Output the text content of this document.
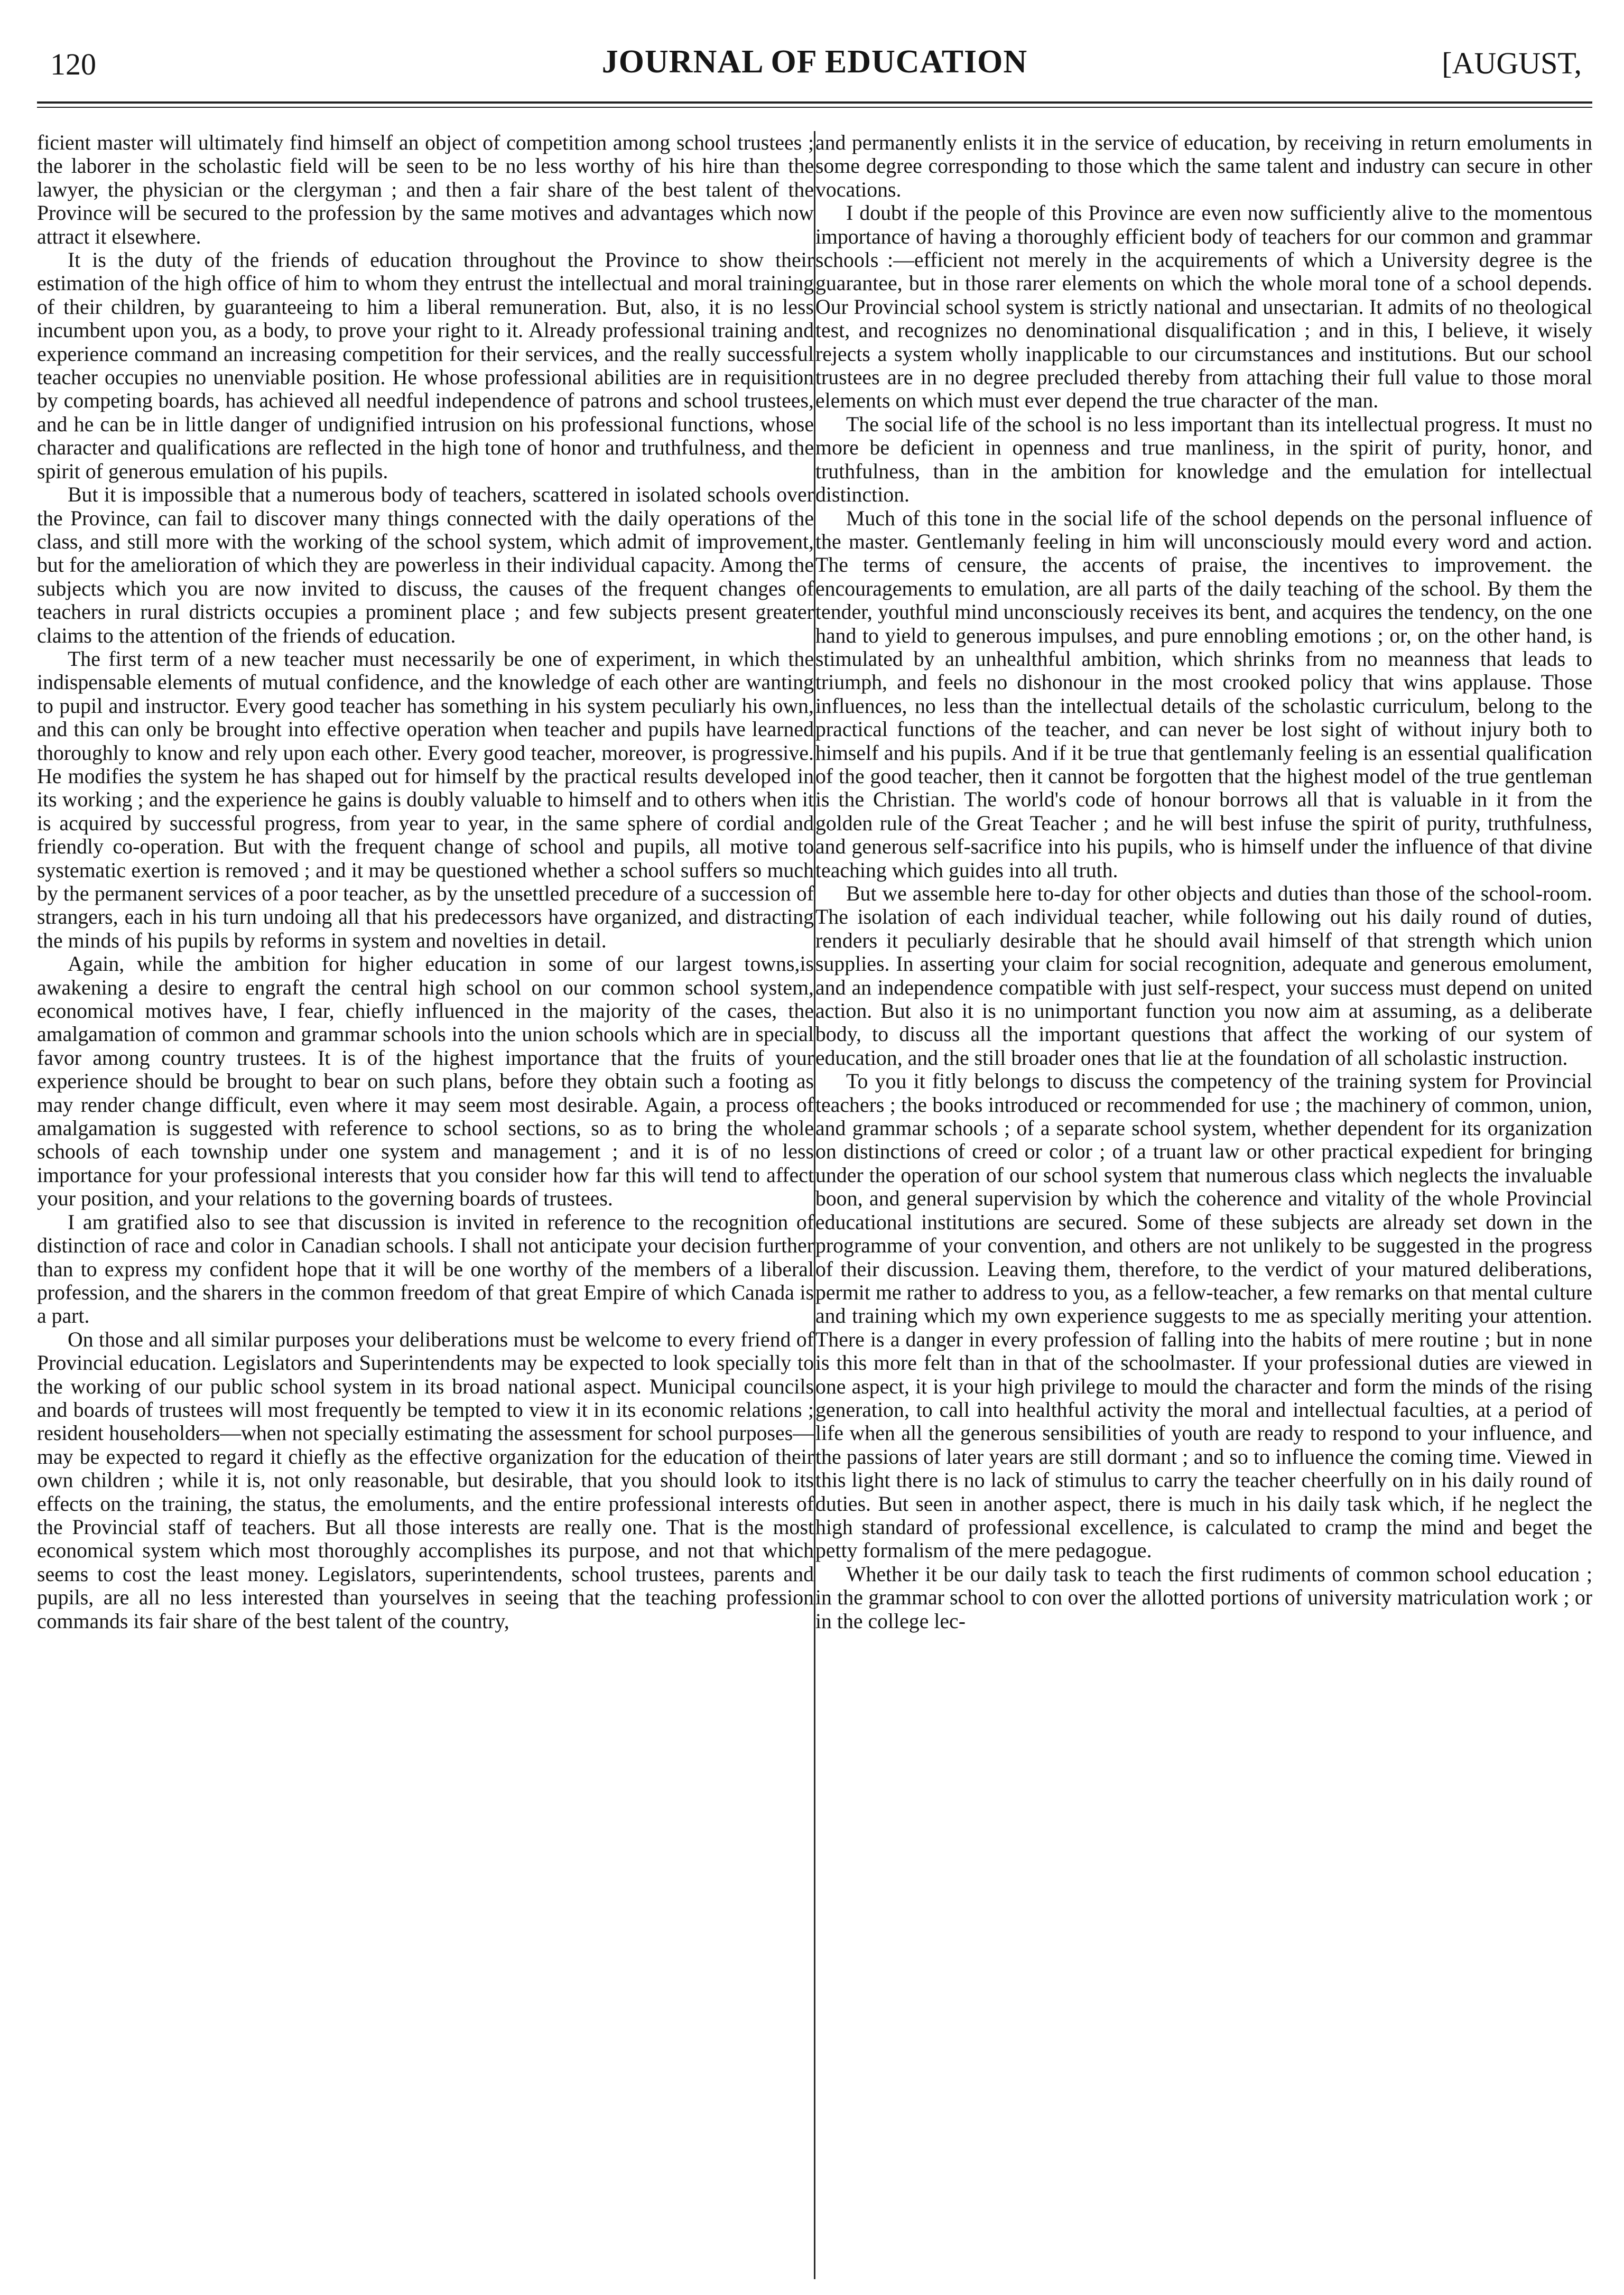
120	JOURNAL OF EDUCATION	[AUGUST,

ficient master will ultimately find himself an object of competition among school trustees ; the laborer in the scholastic field will be seen to be no less worthy of his hire than the lawyer, the physician or the clergyman ; and then a fair share of the best talent of the Province will be secured to the profession by the same motives and advantages which now attract it elsewhere.

It is the duty of the friends of education throughout the Province to show their estimation of the high office of him to whom they entrust the intellectual and moral training of their children, by guaranteeing to him a liberal remuneration. But, also, it is no less incumbent upon you, as a body, to prove your right to it. Already professional training and experience command an increasing competition for their services, and the really successful teacher occupies no unenviable position. He whose professional abilities are in requisition by competing boards, has achieved all needful independence of patrons and school trustees, and he can be in little danger of undignified intrusion on his professional functions, whose character and qualifications are reflected in the high tone of honor and truthfulness, and the spirit of generous emulation of his pupils.

But it is impossible that a numerous body of teachers, scattered in isolated schools over the Province, can fail to discover many things connected with the daily operations of the class, and still more with the working of the school system, which admit of improvement, but for the amelioration of which they are powerless in their individual capacity. Among the subjects which you are now invited to discuss, the causes of the frequent changes of teachers in rural districts occupies a prominent place ; and few subjects present greater claims to the attention of the friends of education.

The first term of a new teacher must necessarily be one of experiment, in which the indispensable elements of mutual confidence, and the knowledge of each other are wanting to pupil and instructor. Every good teacher has something in his system peculiarly his own, and this can only be brought into effective operation when teacher and pupils have learned thoroughly to know and rely upon each other. Every good teacher, moreover, is progressive. He modifies the system he has shaped out for himself by the practical results developed in its working ; and the experience he gains is doubly valuable to himself and to others when it is acquired by successful progress, from year to year, in the same sphere of cordial and friendly co-operation. But with the frequent change of school and pupils, all motive to systematic exertion is removed ; and it may be questioned whether a school suffers so much by the permanent services of a poor teacher, as by the unsettled precedure of a succession of strangers, each in his turn undoing all that his predecessors have organized, and distracting the minds of his pupils by reforms in system and novelties in detail.

Again, while the ambition for higher education in some of our largest towns,is awakening a desire to engraft the central high school on our common school system, economical motives have, I fear, chiefly influenced in the majority of the cases, the amalgamation of common and grammar schools into the union schools which are in special favor among country trustees. It is of the highest importance that the fruits of your experience should be brought to bear on such plans, before they obtain such a footing as may render change difficult, even where it may seem most desirable. Again, a process of amalgamation is suggested with reference to school sections, so as to bring the whole schools of each township under one system and management ; and it is of no less importance for your professional interests that you consider how far this will tend to affect your position, and your relations to the governing boards of trustees.

I am gratified also to see that discussion is invited in reference to the recognition of distinction of race and color in Canadian schools. I shall not anticipate your decision further than to express my confident hope that it will be one worthy of the members of a liberal profession, and the sharers in the common freedom of that great Empire of which Canada is a part.

On those and all similar purposes your deliberations must be welcome to every friend of Provincial education. Legislators and Superintendents may be expected to look specially to the working of our public school system in its broad national aspect. Municipal councils and boards of trustees will most frequently be tempted to view it in its economic relations ; resident householders—when not specially estimating the assessment for school purposes—may be expected to regard it chiefly as the effective organization for the education of their own children ; while it is, not only reasonable, but desirable, that you should look to its effects on the training, the status, the emoluments, and the entire professional interests of the Provincial staff of teachers. But all those interests are really one. That is the most economical system which most thoroughly accomplishes its purpose, and not that which seems to cost the least money. Legislators, superintendents, school trustees, parents and pupils, are all no less interested than yourselves in seeing that the teaching profession commands its fair share of the best talent of the country,

and permanently enlists it in the service of education, by receiving in return emoluments in some degree corresponding to those which the same talent and industry can secure in other vocations.

I doubt if the people of this Province are even now sufficiently alive to the momentous importance of having a thoroughly efficient body of teachers for our common and grammar schools :—efficient not merely in the acquirements of which a University degree is the guarantee, but in those rarer elements on which the whole moral tone of a school depends. Our Provincial school system is strictly national and unsectarian. It admits of no theological test, and recognizes no denominational disqualification ; and in this, I believe, it wisely rejects a system wholly inapplicable to our circumstances and institutions. But our school trustees are in no degree precluded thereby from attaching their full value to those moral elements on which must ever depend the true character of the man.

The social life of the school is no less important than its intellectual progress. It must no more be deficient in openness and true manliness, in the spirit of purity, honor, and truthfulness, than in the ambition for knowledge and the emulation for intellectual distinction.

Much of this tone in the social life of the school depends on the personal influence of the master. Gentlemanly feeling in him will unconsciously mould every word and action. The terms of censure, the accents of praise, the incentives to improvement. the encouragements to emulation, are all parts of the daily teaching of the school. By them the tender, youthful mind unconsciously receives its bent, and acquires the tendency, on the one hand to yield to generous impulses, and pure ennobling emotions ; or, on the other hand, is stimulated by an unhealthful ambition, which shrinks from no meanness that leads to triumph, and feels no dishonour in the most crooked policy that wins applause. Those influences, no less than the intellectual details of the scholastic curriculum, belong to the practical functions of the teacher, and can never be lost sight of without injury both to himself and his pupils. And if it be true that gentlemanly feeling is an essential qualification of the good teacher, then it cannot be forgotten that the highest model of the true gentleman is the Christian. The world's code of honour borrows all that is valuable in it from the golden rule of the Great Teacher ; and he will best infuse the spirit of purity, truthfulness, and generous self-sacrifice into his pupils, who is himself under the influence of that divine teaching which guides into all truth.

But we assemble here to-day for other objects and duties than those of the school-room. The isolation of each individual teacher, while following out his daily round of duties, renders it peculiarly desirable that he should avail himself of that strength which union supplies. In asserting your claim for social recognition, adequate and generous emolument, and an independence compatible with just self-respect, your success must depend on united action. But also it is no unimportant function you now aim at assuming, as a deliberate body, to discuss all the important questions that affect the working of our system of education, and the still broader ones that lie at the foundation of all scholastic instruction.

To you it fitly belongs to discuss the competency of the training system for Provincial teachers ; the books introduced or recommended for use ; the machinery of common, union, and grammar schools ; of a separate school system, whether dependent for its organization on distinctions of creed or color ; of a truant law or other practical expedient for bringing under the operation of our school system that numerous class which neglects the invaluable boon, and general supervision by which the coherence and vitality of the whole Provincial educational institutions are secured. Some of these subjects are already set down in the programme of your convention, and others are not unlikely to be suggested in the progress of their discussion. Leaving them, therefore, to the verdict of your matured deliberations, permit me rather to address to you, as a fellow-teacher, a few remarks on that mental culture and training which my own experience suggests to me as specially meriting your attention. There is a danger in every profession of falling into the habits of mere routine ; but in none is this more felt than in that of the schoolmaster. If your professional duties are viewed in one aspect, it is your high privilege to mould the character and form the minds of the rising generation, to call into healthful activity the moral and intellectual faculties, at a period of life when all the generous sensibilities of youth are ready to respond to your influence, and the passions of later years are still dormant ; and so to influence the coming time. Viewed in this light there is no lack of stimulus to carry the teacher cheerfully on in his daily round of duties. But seen in another aspect, there is much in his daily task which, if he neglect the high standard of professional excellence, is calculated to cramp the mind and beget the petty formalism of the mere pedagogue.

Whether it be our daily task to teach the first rudiments of common school education ; in the grammar school to con over the allotted portions of university matriculation work ; or in the college lec-
